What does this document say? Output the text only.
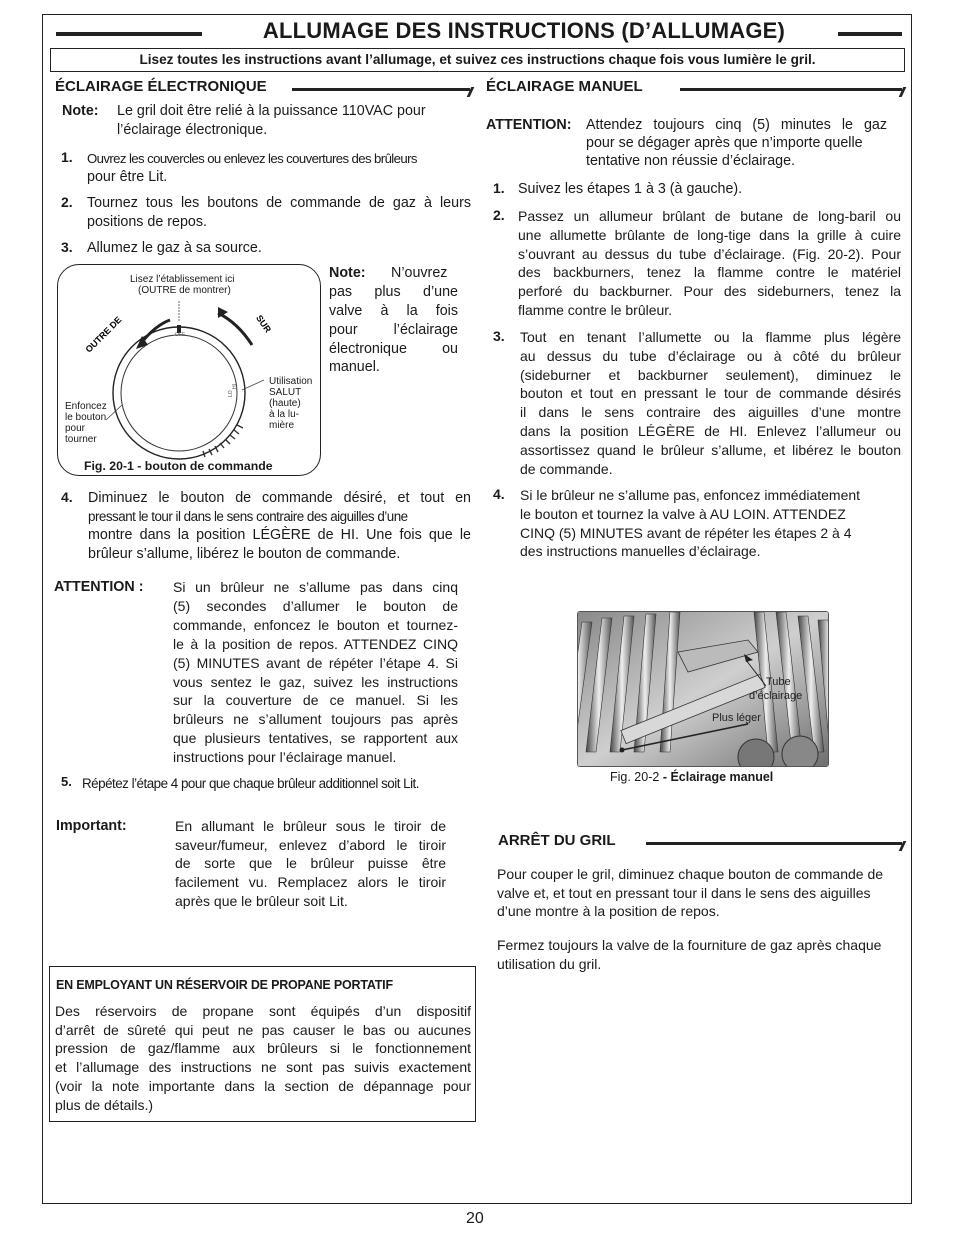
ALLUMAGE DES INSTRUCTIONS (D’ALLUMAGE)
Lisez toutes les instructions avant l’allumage, et suivez ces instructions chaque fois vous lumière le gril.
ÉCLAIRAGE ÉLECTRONIQUE
Note: Le gril doit être relié à la puissance 110VAC pour
l’éclairage électronique.
1. Ouvrez les couvercles ou enlevez les couvertures des brûleurs
pour être Lit.
2. Tournez tous les boutons de commande de gaz à leurs
positions de repos.
3. Allumez le gaz à sa source.
OUTRE DE	SUR
OFF
LO
HI
Lisez l’établissement ici
(OUTRE de montrer)
Enfoncez
le bouton
pour
tourner
Utilisation
SALUT
(haute)
à la lu-
mière
Fig. 20-1 - bouton de commande
Note: N’ouvrez
pas plus d’une
valve à la fois
pour l’éclairage
électronique ou
manuel.
4. Diminuez le bouton de commande désiré, et tout en
pressant le tour il dans le sens contraire des aiguilles d’une
montre dans la position LÉGÈRE de HI. Une fois que le
brûleur s’allume, libérez le bouton de commande.
ATTENTION : Si un brûleur ne s’allume pas dans cinq
(5) secondes d’allumer le bouton de
commande, enfoncez le bouton et tournez-
le à la position de repos. ATTENDEZ CINQ
(5) MINUTES avant de répéter l’étape 4. Si
vous sentez le gaz, suivez les instructions
sur la couverture de ce manuel. Si les
brûleurs ne s’allument toujours pas après
que plusieurs tentatives, se rapportent aux
instructions pour l’éclairage manuel.
5. Répétez l’étape 4 pour que chaque brûleur additionnel soit Lit.
Important:	En allumant le brûleur sous le tiroir de
saveur/fumeur, enlevez d’abord le tiroir
de sorte que le brûleur puisse être
facilement vu. Remplacez alors le tiroir
après que le brûleur soit Lit.
EN EMPLOYANT UN RÉSERVOIR DE PROPANE PORTATIF
Des réservoirs de propane sont équipés d’un dispositif
d’arrêt de sûreté qui peut ne pas causer le bas ou aucunes
pression de gaz/flamme aux brûleurs si le fonctionnement
et l’allumage des instructions ne sont pas suivis exactement
(voir la note importante dans la section de dépannage pour
plus de détails.)
ÉCLAIRAGE MANUEL
ATTENTION: Attendez toujours cinq (5) minutes le gaz
pour se dégager après que n’importe quelle
tentative non réussie d’éclairage.
1. Suivez les étapes 1 à 3 (à gauche).
2. Passez un allumeur brûlant de butane de long-baril ou
une allumette brûlante de long-tige dans la grille à cuire
s’ouvrant au dessus du tube d’éclairage. (Fig. 20-2). Pour
des backburners, tenez la flamme contre le matériel
perforé du backburner. Pour des sideburners, tenez la
flamme contre le brûleur.
3. Tout en tenant l’allumette ou la flamme plus légère
au dessus du tube d’éclairage ou à côté du brûleur
(sideburner et backburner seulement), diminuez le
bouton et tout en pressant le tour de commande désirés
il dans le sens contraire des aiguilles d’une montre
dans la position LÉGÈRE de HI. Enlevez l’allumeur ou
assortissez quand le brûleur s’allume, et libérez le bouton
de commande.
4. Si le brûleur ne s’allume pas, enfoncez immédiatement
le bouton et tournez la valve à AU LOIN. ATTENDEZ
CINQ (5) MINUTES avant de répéter les étapes 2 à 4
des instructions manuelles d’éclairage.
Tube
d’éclairage
Plus léger
Fig. 20-2 - Éclairage manuel
ARRÊT DU GRIL
Pour couper le gril, diminuez chaque bouton de commande de
valve et, et tout en pressant tour il dans le sens des aiguilles
d’une montre à la position de repos.
Fermez toujours la valve de la fourniture de gaz après chaque
utilisation du gril.
20
